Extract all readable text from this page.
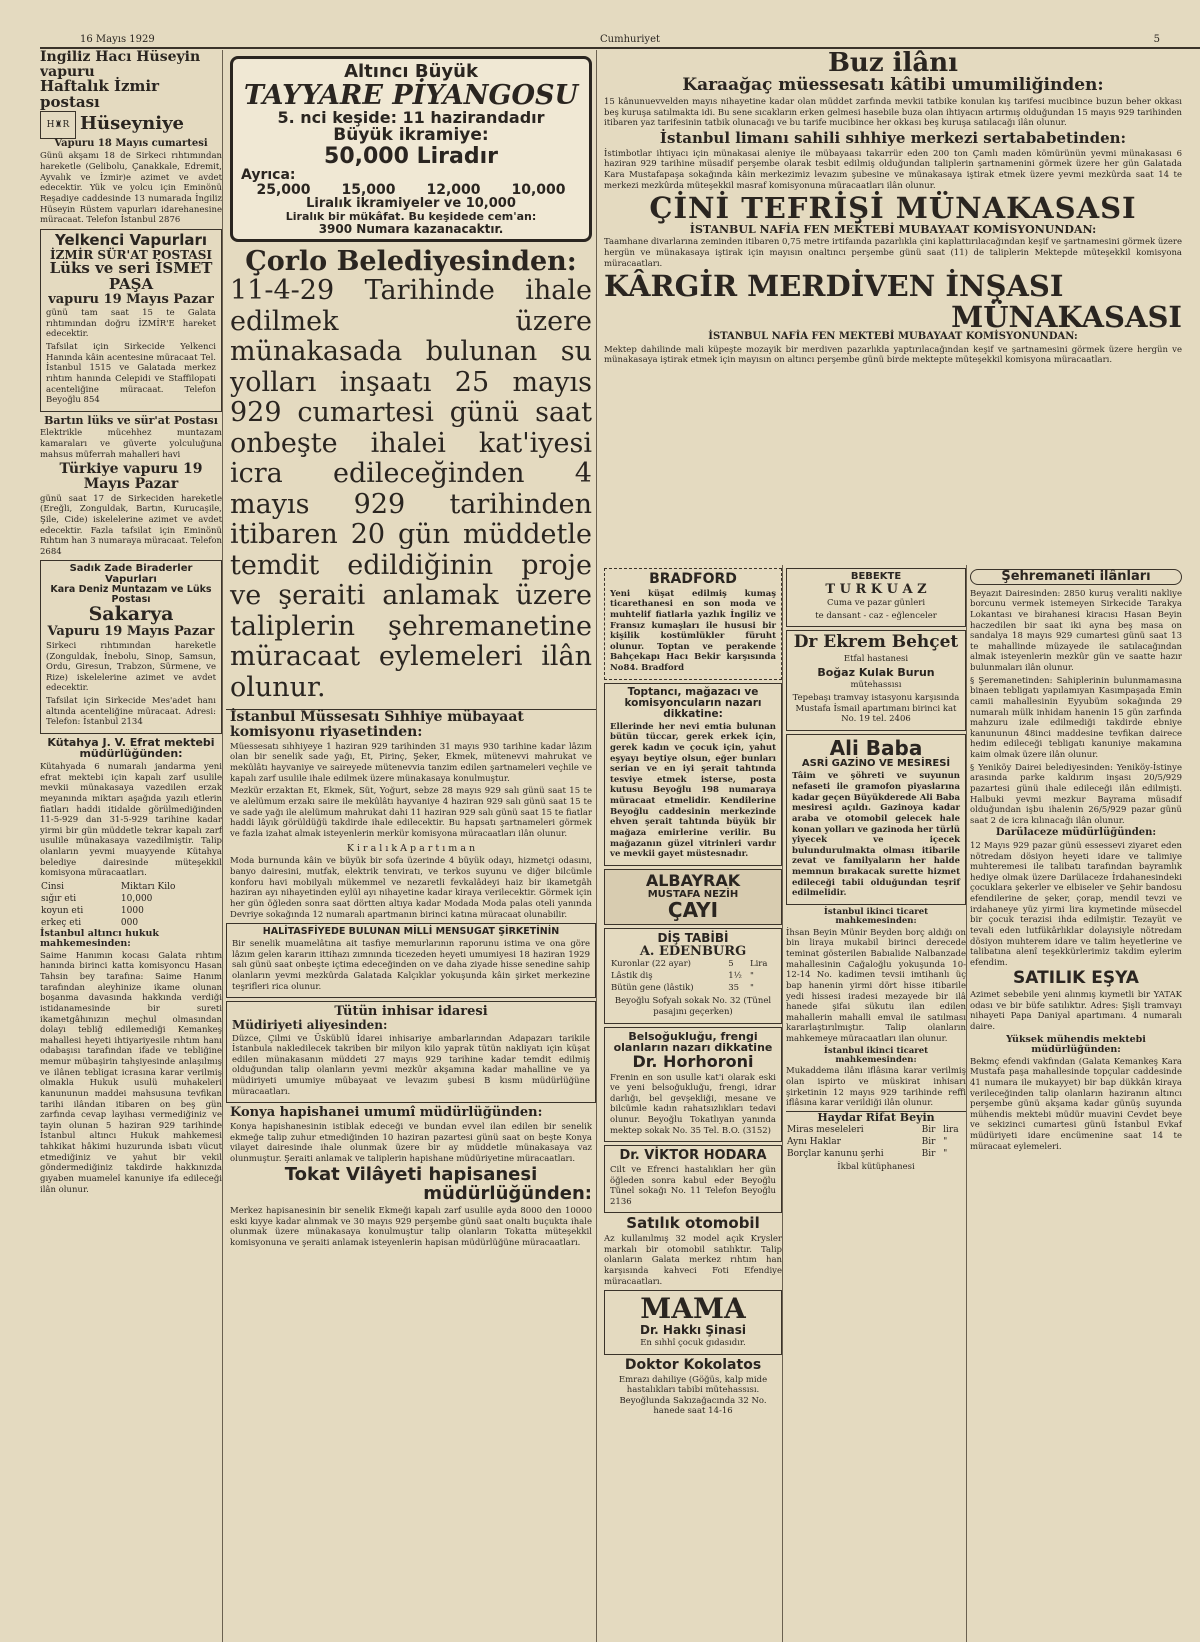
16 Mayıs 1929	Cumhuriyet	5
İngiliz Hacı Hüseyin vapuru
Haftalık İzmir postası
H♜R Hüseyniye
Vapuru 18 Mayıs cumartesi

Günü akşamı 18 de Sirkeci rıhtımından hareketle (Gelibolu, Çanakkale, Edremit, Ayvalık ve İzmir)e azimet ve avdet edecektir. Yük ve yolcu için Eminönü Reşadiye caddesinde 13 numarada İngiliz Hüseyin Rüstem vapurları idarehanesine müracaat. Telefon İstanbul 2876

Yelkenci Vapurları
İZMİR SÜR'AT POSTASI
Lüks ve seri İSMET PAŞA
vapuru 19 Mayıs Pazar

günü tam saat 15 te Galata rıhtımından doğru İZMİR'E hareket edecektir.

Tafsilat için Sirkecide Yelkenci Hanında kâin acentesine müracaat Tel. İstanbul 1515 ve Galatada merkez rıhtım hanında Celepidi ve Staffilopati acenteliğine müracaat. Telefon Beyoğlu 854

Bartın lüks ve sür'at Postası

Elektrikle mücehhez muntazam kamaraları ve güverte yolculuğuna mahsus müferrah mahalleri havi

Türkiye vapuru 19 Mayıs Pazar

günü saat 17 de Sirkeciden hareketle (Ereğli, Zonguldak, Bartın, Kurucaşile, Şile, Cide) iskelelerine azimet ve avdet edecektir. Fazla tafsilat için Eminönü Rıhtım han 3 numaraya müracaat. Telefon 2684

Sadık Zade Biraderler Vapurları
Kara Deniz Muntazam ve Lüks Postası
Sakarya
Vapuru 19 Mayıs Pazar

Sirkeci rıhtımından hareketle (Zonguldak, İnebolu, Sinop, Samsun, Ordu, Giresun, Trabzon, Sürmene, ve Rize) iskelelerine azimet ve avdet edecektir.

Tafsilat için Sirkecide Mes'adet hanı altında acenteliğine müracaat. Adresi: Telefon: İstanbul 2134

Kütahya J. V. Efrat mektebi müdürlüğünden:

Kütahyada 6 numaralı jandarma yeni efrat mektebi için kapalı zarf usulile mevkii münakasaya vazedilen erzak meyanında miktarı aşağıda yazılı etlerin fiatları haddi itidalde görülmediğinden 11-5-929 dan 31-5-929 tarihine kadar yirmi bir gün müddetle tekrar kapalı zarf usulile münakasaya vazedilmiştir. Talip olanların yevmi muayyende Kütahya belediye dairesinde müteşekkil komisyona müracaatları.

Cinsi	Miktarı Kilo
sığır eti	10,000
koyun eti	1000
erkeç eti	000
İstanbul altıncı hukuk mahkemesinden:

Saime Hanımın kocası Galata rıhtım hanında birinci katta komisyoncu Hasan Tahsin bey tarafına: Saime Hanım tarafından aleyhinize ikame olunan boşanma davasında hakkında verdiği istidanamesinde bir sureti ikametgâhınızın meçhul olmasından dolayı tebliğ edilemediği Kemankeş mahallesi heyeti ihtiyariyesile rıhtım hanı odabaşısı tarafından ifade ve tebliğine memur mübaşirin tahşiyesinde anlaşılmış ve ilânen tebligat icrasına karar verilmiş olmakla Hukuk usulü muhakeleri kanununun maddei mahsusuna tevfikan tarihi ilândan itibaren on beş gün zarfında cevap layihası vermediğiniz ve tayin olunan 5 haziran 929 tarihinde İstanbul altıncı Hukuk mahkemesi tahkikat hâkimi huzurunda isbatı vücut etmediğiniz ve yahut bir vekil göndermediğiniz takdirde hakkınızda gıyaben muameleî kanuniye ifa edileceği ilân olunur.

Altıncı Büyük
TAYYARE PİYANGOSU
5. nci keşide: 11 hazirandadır
Büyük ikramiye:
50,000 Liradır
Ayrıca:
25,000 15,000 12,000 10,000
Liralık ikramiyeler ve 10,000
Liralık bir mükâfat. Bu keşidede cem'an:
3900 Numara kazanacaktır.
Çorlo Belediyesinden:
11-4-29 Tarihinde ihale edilmek üzere münakasada bulunan su yolları inşaatı 25 mayıs 929 cumartesi günü saat onbeşte ihalei kat'iyesi icra edileceğinden 4 mayıs 929 tarihinden itibaren 20 gün müddetle temdit edildiğinin proje ve şeraiti anlamak üzere taliplerin şehremanetine müracaat eylemeleri ilân olunur.
İstanbul Müssesatı Sıhhiye mübayaat komisyonu riyasetinden:

Müessesatı sıhhiyeye 1 haziran 929 tarihinden 31 mayıs 930 tarihine kadar lâzım olan bir senelik sade yağı, Et, Pirinç, Şeker, Ekmek, mütenevvi mahrukat ve mekûlâtı hayvaniye ve saireyede mütenevvia tanzim edilen şartnameleri veçhile ve kapalı zarf usulile ihale edilmek üzere münakasaya konulmuştur.

Mezkür erzaktan Et, Ekmek, Süt, Yoğurt, sebze 28 mayıs 929 salı günü saat 15 te ve alelümum erzakı saire ile mekûlâtı hayvaniye 4 haziran 929 salı günü saat 15 te ve sade yağı ile alelümum mahrukat dahi 11 haziran 929 salı günü saat 15 te fiatlar haddi lâyık görüldüğü takdirde ihale edilecektir. Bu hapsatı şartnameleri görmek ve fazla izahat almak isteyenlerin merkür komisyona müracaatları ilân olunur.

K i r a l ı k A p a r t ı m a n

Moda burnunda kâin ve büyük bir sofa üzerinde 4 büyük odayı, hizmetçi odasını, banyo dairesini, mutfak, elektrik tenviratı, ve terkos suyunu ve diğer bilcümle konforu havi mobilyalı mükemmel ve nezaretli fevkalâdeyi haiz bir ikametgâh haziran ayı nihayetinden eylül ayı nihayetine kadar kiraya verilecektir. Görmek için her gün öğleden sonra saat dörtten altıya kadar Modada Moda palas oteli yanında Devriye sokağında 12 numaralı apartmanın birinci katına müracaat olunabilir.

HALİTASFİYEDE BULUNAN MİLLİ MENSUGAT ŞİRKETİNİN

Bir senelik muamelâtına ait tasfiye memurlarının raporunu istima ve ona göre lâzım gelen kararın ittihazı zımnında ticezeden heyeti umumiyesi 18 haziran 1929 salı günü saat onbeşte içtima edeceğinden on ve daha ziyade hisse senedine sahip olanların yevmi mezkûrda Galatada Kalçıklar yokuşunda kâin şirket merkezine teşrifleri rica olunur.

Tütün inhisar idaresi
Müdiriyeti aliyesinden:

Düzce, Çilmi ve Üsküblü İdarei inhisariye ambarlarından Adapazarı tarikile İstanbula nakledilecek takriben bir milyon kilo yaprak tütün nakliyatı için küşat edilen münakasanın müddeti 27 mayıs 929 tarihine kadar temdit edilmiş olduğundan talip olanların yevmi mezkûr akşamına kadar mahalline ve ya müdiriyeti umumiye mübayaat ve levazım şubesi B kısmı müdürlüğüne müracaatları.

Konya hapishanei umumî müdürlüğünden:

Konya hapishanesinin istiblak edeceği ve bundan evvel ilan edilen bir senelik ekmeğe talip zuhur etmediğinden 10 haziran pazartesi günü saat on beşte Konya vilayet dairesinde ihale olunmak üzere bir ay müddetle münakasaya vaz olunmuştur. Şeraiti anlamak ve taliplerin hapishane müdüriyetine müracaatları.

Tokat Vilâyeti hapisanesi
müdürlüğünden:

Merkez hapisanesinin bir senelik Ekmeği kapalı zarf usulile ayda 8000 den 10000 eski kıyye kadar alınmak ve 30 mayıs 929 perşembe günü saat onaltı buçukta ihale olunmak üzere münakasaya konulmuştur talip olanların Tokatta müteşekkil komisyonuna ve şeraiti anlamak isteyenlerin hapisan müdürlüğüne müracaatları.

Buz ilânı
Karaağaç müessesatı kâtibi umumiliğinden:

15 kânunuevvelden mayıs nihayetine kadar olan müddet zarfında mevkii tatbike konulan kış tarifesi mucibince buzun beher okkası beş kuruşa satılmakta idi. Bu sene sıcakların erken gelmesi hasebile buza olan ihtiyacın artırmış olduğundan 15 mayıs 929 tarihinden itibaren yaz tarifesinin tatbik olunacağı ve bu tarife mucibince her okkası beş kuruşa satılacağı ilân olunur.

İstanbul limanı sahili sıhhiye merkezi sertababetinden:

İstimbotlar ihtiyacı için münakasai aleniye ile mübayaası takarrür eden 200 ton Çamlı maden kömürünün yevmi münakasası 6 haziran 929 tarihine müsadif perşembe olarak tesbit edilmiş olduğundan taliplerin şartnamenini görmek üzere her gün Galatada Kara Mustafapaşa sokağında kâin merkezimiz levazım şubesine ve münakasaya iştirak etmek üzere yevmi mezkûrda saat 14 te merkezi mezkûrda müteşekkil masraf komisyonuna müracaatları ilân olunur.

ÇİNİ TEFRİŞİ MÜNAKASASI
İSTANBUL NAFİA FEN MEKTEBİ MUBAYAAT KOMİSYONUNDAN:

Taamhane divarlarına zeminden itibaren 0,75 metre irtifaında pazarlıkla çini kaplattırılacağından keşif ve şartnamesini görmek üzere hergün ve münakasaya iştirak için mayısın onaltıncı perşembe günü saat (11) de taliplerin Mektepde müteşekkil komisyona müracaatları.

KÂRGİR MERDİVEN İNŞASI
MÜNAKASASI
İSTANBUL NAFİA FEN MEKTEBİ MUBAYAAT KOMİSYONUNDAN:

Mektep dahilinde mali küpeşte mozayik bir merdiven pazarlıkla yaptırılacağından keşif ve şartnamesini görmek üzere hergün ve münakasaya iştirak etmek için mayısın on altıncı perşembe günü birde mektepte müteşekkil komisyona müracaatları.

BRADFORD

Yeni küşat edilmiş kumaş ticarethanesi en son moda ve muhtelif fiatlarla yazlık İngiliz ve Fransız kumaşları ile hususi bir kişilik kostümlükler füruht olunur. Toptan ve perakende Bahçekapı Hacı Bekir karşısında No84. Bradford

Toptancı, mağazacı ve komisyoncuların nazarı dikkatine:

Ellerinde her nevi emtia bulunan bütün tüccar, gerek erkek için, gerek kadın ve çocuk için, yahut eşyayı beytiye olsun, eğer bunları serian ve en iyi şerait tahtında tesviye etmek isterse, posta kutusu Beyoğlu 198 numaraya müracaat etmelidir. Kendilerine Beyoğlu caddesinin merkezinde ehven şerait tahtında büyük bir mağaza emirlerine verilir. Bu mağazanın güzel vitrinleri vardır ve mevkii gayet müstesnadır.

ALBAYRAK
MUSTAFA NEZİH
ÇAYI
DİŞ TABİBİ
A. EDENBURG
Kuronlar (22 ayar)	5	Lira
Lâstik diş	1½	"
Bütün gene (lâstik)	35	"

Beyoğlu Sofyalı sokak No. 32 (Tünel pasajını geçerken)

Belsoğukluğu, frengi olanların nazarı dikkatine
Dr. Horhoroni

Frenin en son usulle kat'i olarak eski ve yeni belsoğukluğu, frengi, idrar darlığı, bel gevşekliği, mesane ve bilcümle kadın rahatsızlıkları tedavi olunur. Beyoğlu Tokatlıyan yanında mektep sokak No. 35 Tel. B.O. (3152)

Dr. VİKTOR HODARA

Cilt ve Efrenci hastalıkları her gün öğleden sonra kabul eder Beyoğlu Tünel sokağı No. 11 Telefon Beyoğlu 2136

Satılık otomobil

Az kullanılmış 32 model açık Krysler markalı bir otomobil satılıktır. Talip olanların Galata merkez rıhtım han karşısında kahveci Foti Efendiye müracaatları.

MAMA
Dr. Hakkı Şinasi

En sıhhî çocuk gıdasıdır.

Doktor Kokolatos

Emrazı dahiliye (Göğüs, kalp mide hastalıkları tabibi mütehassısı. Beyoğlunda Sakızağacında 32 No. hanede saat 14-16

BEBEKTE
T U R K U A Z

Cuma ve pazar günleri

te dansant - caz - eğlenceler

Dr Ekrem Behçet

Etfal hastanesi

Boğaz Kulak Burun

mütehassısı

Tepebaşı tramvay istasyonu karşısında Mustafa İsmail apartımanı birinci kat No. 19 tel. 2406

Ali Baba
ASRİ GAZİNO VE MESİRESİ

Tâim ve şöhreti ve suyunun nefaseti ile gramofon piyaslarına kadar geçen Büyükderede Ali Baba mesiresi açıldı. Gazinoya kadar araba ve otomobil gelecek hale konan yolları ve gazinoda her türlü yiyecek ve içecek bulundurulmakta olması itibarile zevat ve familyaların her halde memnun bırakacak surette hizmet edileceği tabii olduğundan teşrif edilmelidir.

İstanbul ikinci ticaret mahkemesinden:

İhsan Beyin Münir Beyden borç aldığı on bin liraya mukabil birinci derecede teminat gösterilen Babıalide Nalbanzade mahallesinin Cağaloğlu yokuşunda 10-12-14 No. kadimen tevsii imtihanlı üç bap hanenin yirmi dört hisse itibarile yedi hissesi iradesi mezayede bir ilâ hanede şifai sükutu ilan edilen mahallerin mahalli emval ile satılması kararlaştırılmıştır. Talip olanların mahkemeye müracaatları ilan olunur.

İstanbul ikinci ticaret mahkemesinden:

Mukaddema ilânı iflâsına karar verilmiş olan ispirto ve müskirat inhisarı şirketinin 12 mayıs 929 tarihinde reffi iflâsına karar verildiği ilân olunur.

Haydar Rifat Beyin
Miras meseleleri	Bir	lira
Aynı Haklar	Bir	"
Borçlar kanunu şerhi	Bir	"

İkbal kütüphanesi

Şehremaneti ilânları

Beyazıt Dairesinden: 2850 kuruş veraliti nakliye borcunu vermek istemeyen Sirkecide Tarakya Lokantası ve birahanesi kiracısı Hasan Beyin haczedilen bir saat iki ayna beş masa on sandalya 18 mayıs 929 cumartesi günü saat 13 te mahallinde müzayede ile satılacağından almak isteyenlerin mezkûr gün ve saatte hazır bulunmaları ilân olunur.

§ Şeremanetinden: Sahiplerinin bulunmamasına binaen tebligatı yapılamıyan Kasımpaşada Emin camii mahallesinin Eyyubüm sokağında 29 numaralı mülk inhidam hanenin 15 gün zarfında mahzuru izale edilmediği takdirde ebniye kanununun 48inci maddesine tevfikan dairece hedim edileceği tebligatı kanuniye makamına kaim olmak üzere ilân olunur.

§ Yeniköy Dairei belediyesinden: Yeniköy-İstinye arasında parke kaldırım inşası 20/5/929 pazartesi günü ihale edileceği ilân edilmişti. Halbuki yevmi mezkur Bayrama müsadif olduğundan işbu ihalenin 26/5/929 pazar günü saat 2 de icra kılınacağı ilân olunur.

Darülaceze müdürlüğünden:

12 Mayıs 929 pazar günü essessevi ziyaret eden nötredam dösiyon heyeti idare ve talimiye muhteremesi ile talibatı tarafından bayramlık hediye olmak üzere Darülaceze İrdahanesindeki çocuklara şekerler ve elbiseler ve Şehir bandosu efendilerine de şeker, çorap, mendil tevzi ve irdahaneye yüz yirmi lira kıymetinde müsecdel bir çocuk terazisi ihda edilmiştir. Tezayüt ve tevali eden lutfükârlıklar dolayısiyle nötredam dösiyon muhterem idare ve talim heyetlerine ve talibatına alenî teşekkürlerimiz takdim eylerim efendim.

SATILIK EŞYA

Azimet sebebile yeni alınmış kıymetli bir YATAK odası ve bir büfe satılıktır. Adres: Şişli tramvayı nihayeti Papa Daniyal apartımanı. 4 numaralı daire.

Yüksek mühendis mektebi müdürlüğünden:

Bekmç efendi vakfından (Galata Kemankeş Kara Mustafa paşa mahallesinde topçular caddesinde 41 numara ile mukayyet) bir bap dükkân kiraya verileceğinden talip olanların haziranın altıncı perşembe günü akşama kadar günüş suyunda mühendis mektebi müdür muavini Cevdet beye ve sekizinci cumartesi günü İstanbul Evkaf müdüriyeti idare encümenine saat 14 te müracaat eylemeleri.
